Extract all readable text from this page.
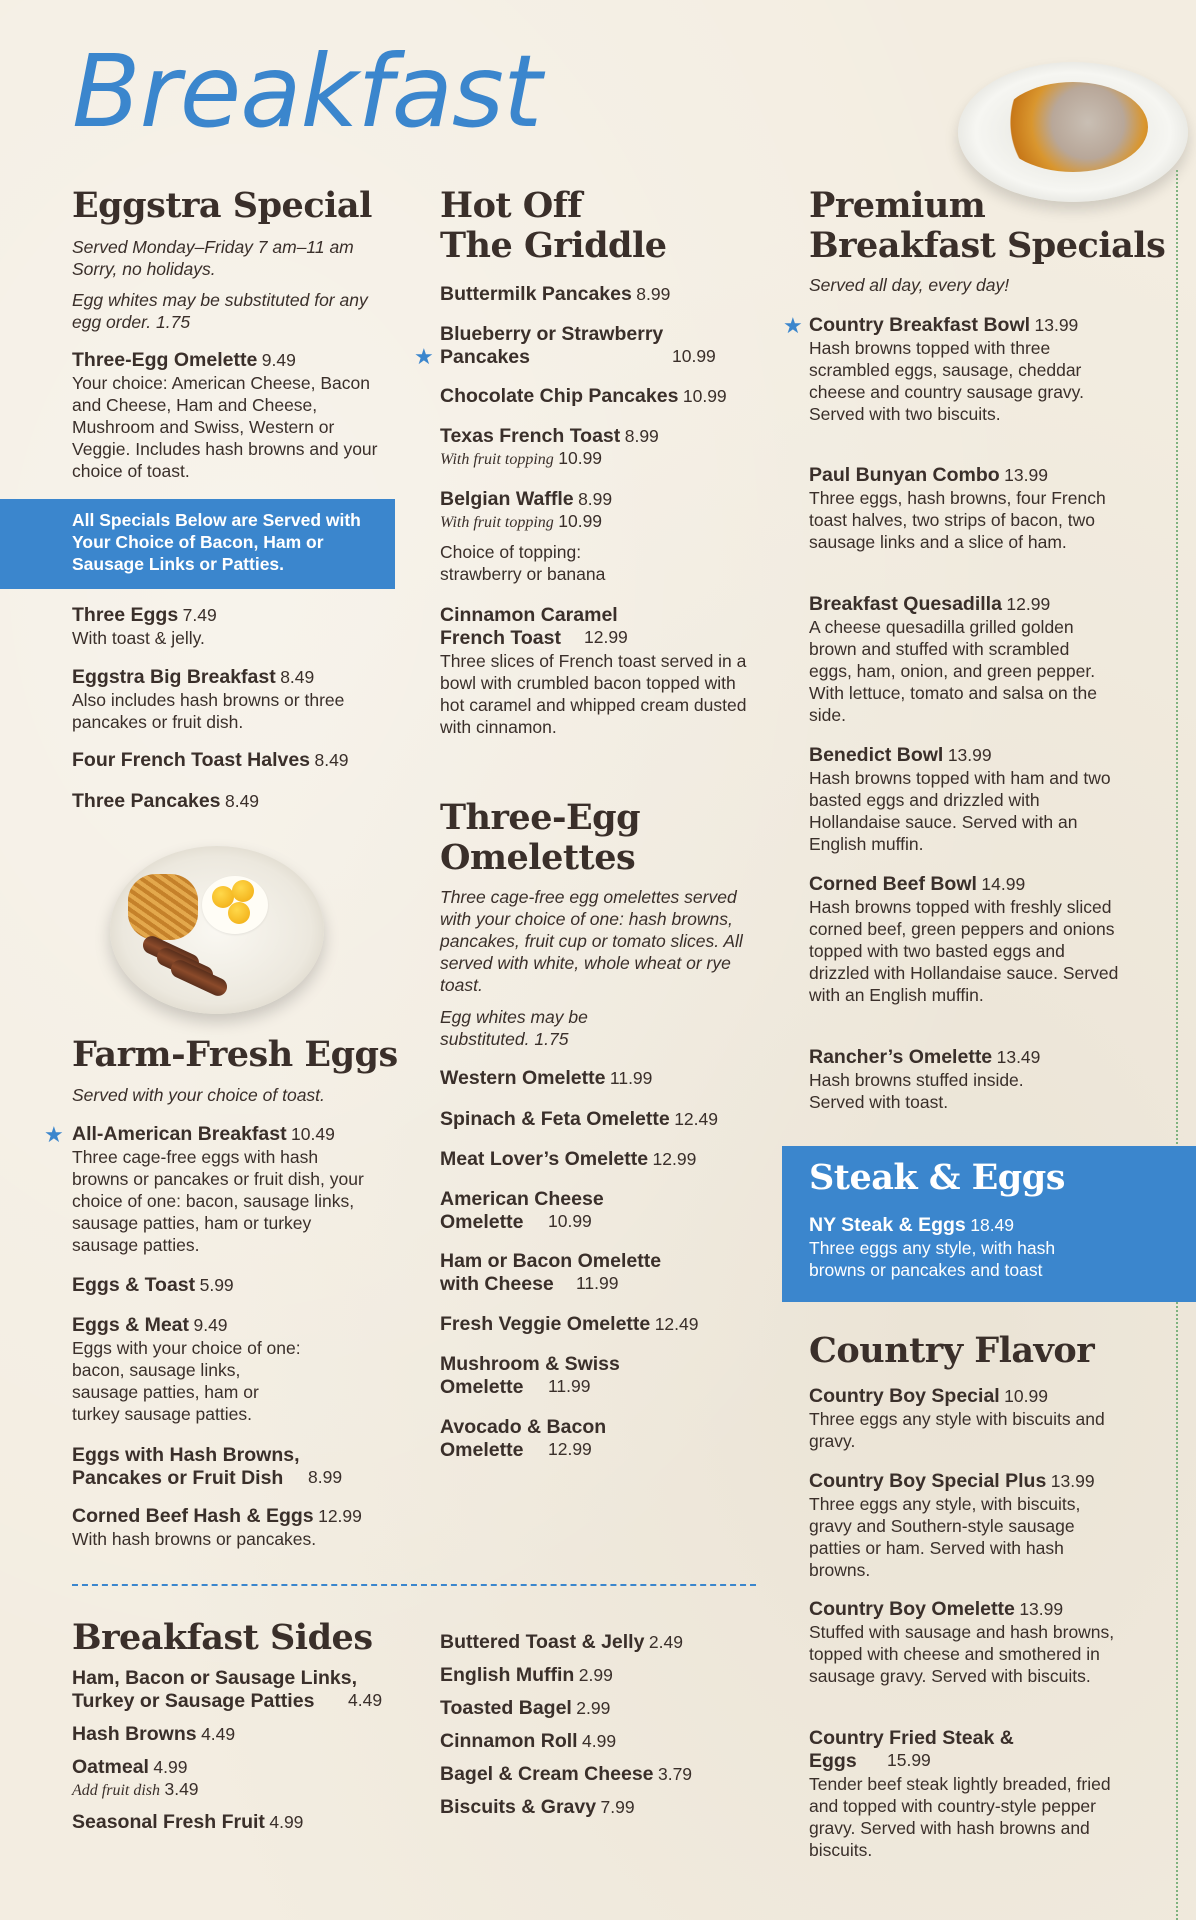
Breakfast
Eggstra Special

Served Monday–Friday 7 am–11 am Sorry, no holidays.

Egg whites may be substituted for any egg order. 1.75

Three-Egg Omelette 9.49
Your choice: American Cheese, Bacon and Cheese, Ham and Cheese, Mushroom and Swiss, Western or Veggie. Includes hash browns and your choice of toast.
All Specials Below are Served with Your Choice of Bacon, Ham or Sausage Links or Patties.
Three Eggs 7.49
With toast & jelly.
Eggstra Big Breakfast 8.49
Also includes hash browns or three pancakes or fruit dish.
Four French Toast Halves 8.49
Three Pancakes 8.49
Farm-Fresh Eggs

Served with your choice of toast.

All-American Breakfast 10.49
Three cage-free eggs with hash browns or pancakes or fruit dish, your choice of one: bacon, sausage links, sausage patties, ham or turkey sausage patties.
Eggs & Toast 5.99
Eggs & Meat 9.49
Eggs with your choice of one: bacon, sausage links, sausage patties, ham or turkey sausage patties.
Eggs with Hash Browns, Pancakes or Fruit Dish 8.99
Corned Beef Hash & Eggs 12.99
With hash browns or pancakes.
★
Breakfast Sides
Ham, Bacon or Sausage Links, Turkey or Sausage Patties 4.49
Hash Browns 4.49
Oatmeal 4.99
Add fruit dish 3.49
Seasonal Fresh Fruit 4.99
Hot Off
The Griddle
Buttermilk Pancakes 8.99
Blueberry or Strawberry Pancakes	10.99
Chocolate Chip Pancakes 10.99
Texas French Toast 8.99
With fruit topping 10.99
Belgian Waffle 8.99
With fruit topping 10.99
Choice of topping: strawberry or banana
Cinnamon Caramel French Toast 12.99
Three slices of French toast served in a bowl with crumbled bacon topped with hot caramel and whipped cream dusted with cinnamon.
Three-Egg
Omelettes

Three cage-free egg omelettes served with your choice of one: hash browns, pancakes, fruit cup or tomato slices. All served with white, whole wheat or rye toast.

Egg whites may be substituted. 1.75

Western Omelette 11.99
Spinach & Feta Omelette 12.49
Meat Lover’s Omelette 12.99
American Cheese Omelette 10.99
Ham or Bacon Omelette with Cheese 11.99
Fresh Veggie Omelette 12.49
Mushroom & Swiss Omelette 11.99
Avocado & Bacon Omelette 12.99
Buttered Toast & Jelly 2.49
English Muffin 2.99
Toasted Bagel 2.99
Cinnamon Roll 4.99
Bagel & Cream Cheese 3.79
Biscuits & Gravy 7.99
★
Premium
Breakfast Specials

Served all day, every day!

Country Breakfast Bowl 13.99
Hash browns topped with three scrambled eggs, sausage, cheddar cheese and country sausage gravy. Served with two biscuits.
Paul Bunyan Combo 13.99
Three eggs, hash browns, four French toast halves, two strips of bacon, two sausage links and a slice of ham.
Breakfast Quesadilla 12.99
A cheese quesadilla grilled golden brown and stuffed with scrambled eggs, ham, onion, and green pepper. With lettuce, tomato and salsa on the side.
Benedict Bowl 13.99
Hash browns topped with ham and two basted eggs and drizzled with Hollandaise sauce. Served with an English muffin.
Corned Beef Bowl 14.99
Hash browns topped with freshly sliced corned beef, green peppers and onions topped with two basted eggs and drizzled with Hollandaise sauce. Served with an English muffin.
Rancher’s Omelette 13.49
Hash browns stuffed inside. Served with toast.
★
Steak & Eggs
NY Steak & Eggs 18.49
Three eggs any style, with hash browns or pancakes and toast
Country Flavor
Country Boy Special 10.99
Three eggs any style with biscuits and gravy.
Country Boy Special Plus 13.99
Three eggs any style, with biscuits, gravy and Southern-style sausage patties or ham. Served with hash browns.
Country Boy Omelette 13.99
Stuffed with sausage and hash browns, topped with cheese and smothered in sausage gravy. Served with biscuits.
Country Fried Steak & Eggs 15.99
Tender beef steak lightly breaded, fried and topped with country-style pepper gravy. Served with hash browns and biscuits.
